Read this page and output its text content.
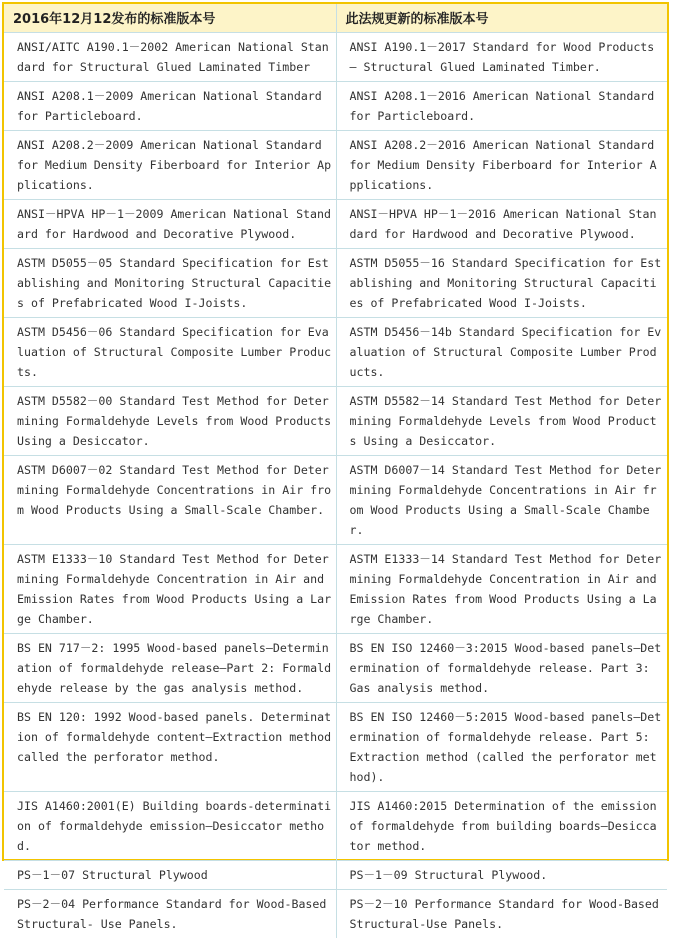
2016年12月12发布的标准版本号	此法规更新的标准版本号
ANSI/AITC A190.1－2002 American National Standard for Structural Glued Laminated Timber	ANSI A190.1－2017 Standard for Wood Products – Structural Glued Laminated Timber.
ANSI A208.1－2009 American National Standard for Particleboard.	ANSI A208.1－2016 American National Standard for Particleboard.
ANSI A208.2－2009 American National Standard for Medium Density Fiberboard for Interior Applications.	ANSI A208.2－2016 American National Standard for Medium Density Fiberboard for Interior Applications.
ANSI－HPVA HP－1－2009 American National Standard for Hardwood and Decorative Plywood.	ANSI－HPVA HP－1－2016 American National Standard for Hardwood and Decorative Plywood.
ASTM D5055－05 Standard Specification for Establishing and Monitoring Structural Capacities of Prefabricated Wood I-Joists.	ASTM D5055－16 Standard Specification for Establishing and Monitoring Structural Capacities of Prefabricated Wood I-Joists.
ASTM D5456－06 Standard Specification for Evaluation of Structural Composite Lumber Products.	ASTM D5456－14b Standard Specification for Evaluation of Structural Composite Lumber Products.
ASTM D5582－00 Standard Test Method for Determining Formaldehyde Levels from Wood Products Using a Desiccator.	ASTM D5582－14 Standard Test Method for Determining Formaldehyde Levels from Wood Products Using a Desiccator.
ASTM D6007－02 Standard Test Method for Determining Formaldehyde Concentrations in Air from Wood Products Using a Small-Scale Chamber.	ASTM D6007－14 Standard Test Method for Determining Formaldehyde Concentrations in Air from Wood Products Using a Small-Scale Chamber.
ASTM E1333－10 Standard Test Method for Determining Formaldehyde Concentration in Air and Emission Rates from Wood Products Using a Large Chamber.	ASTM E1333－14 Standard Test Method for Determining Formaldehyde Concentration in Air and Emission Rates from Wood Products Using a Large Chamber.
BS EN 717－2: 1995 Wood-based panels—Determination of formaldehyde release—Part 2: Formaldehyde release by the gas analysis method.	BS EN ISO 12460－3:2015 Wood-based panels—Determination of formaldehyde release. Part 3: Gas analysis method.
BS EN 120: 1992 Wood-based panels. Determination of formaldehyde content—Extraction method called the perforator method.	BS EN ISO 12460－5:2015 Wood-based panels—Determination of formaldehyde release. Part 5: Extraction method (called the perforator method).
JIS A1460:2001(E) Building boards-determination of formaldehyde emission—Desiccator method.	JIS A1460:2015 Determination of the emission of formaldehyde from building boards—Desiccator method.
PS－1－07 Structural Plywood	PS－1－09 Structural Plywood.
PS－2－04 Performance Standard for Wood-Based Structural- Use Panels.	PS－2－10 Performance Standard for Wood-Based Structural-Use Panels.
